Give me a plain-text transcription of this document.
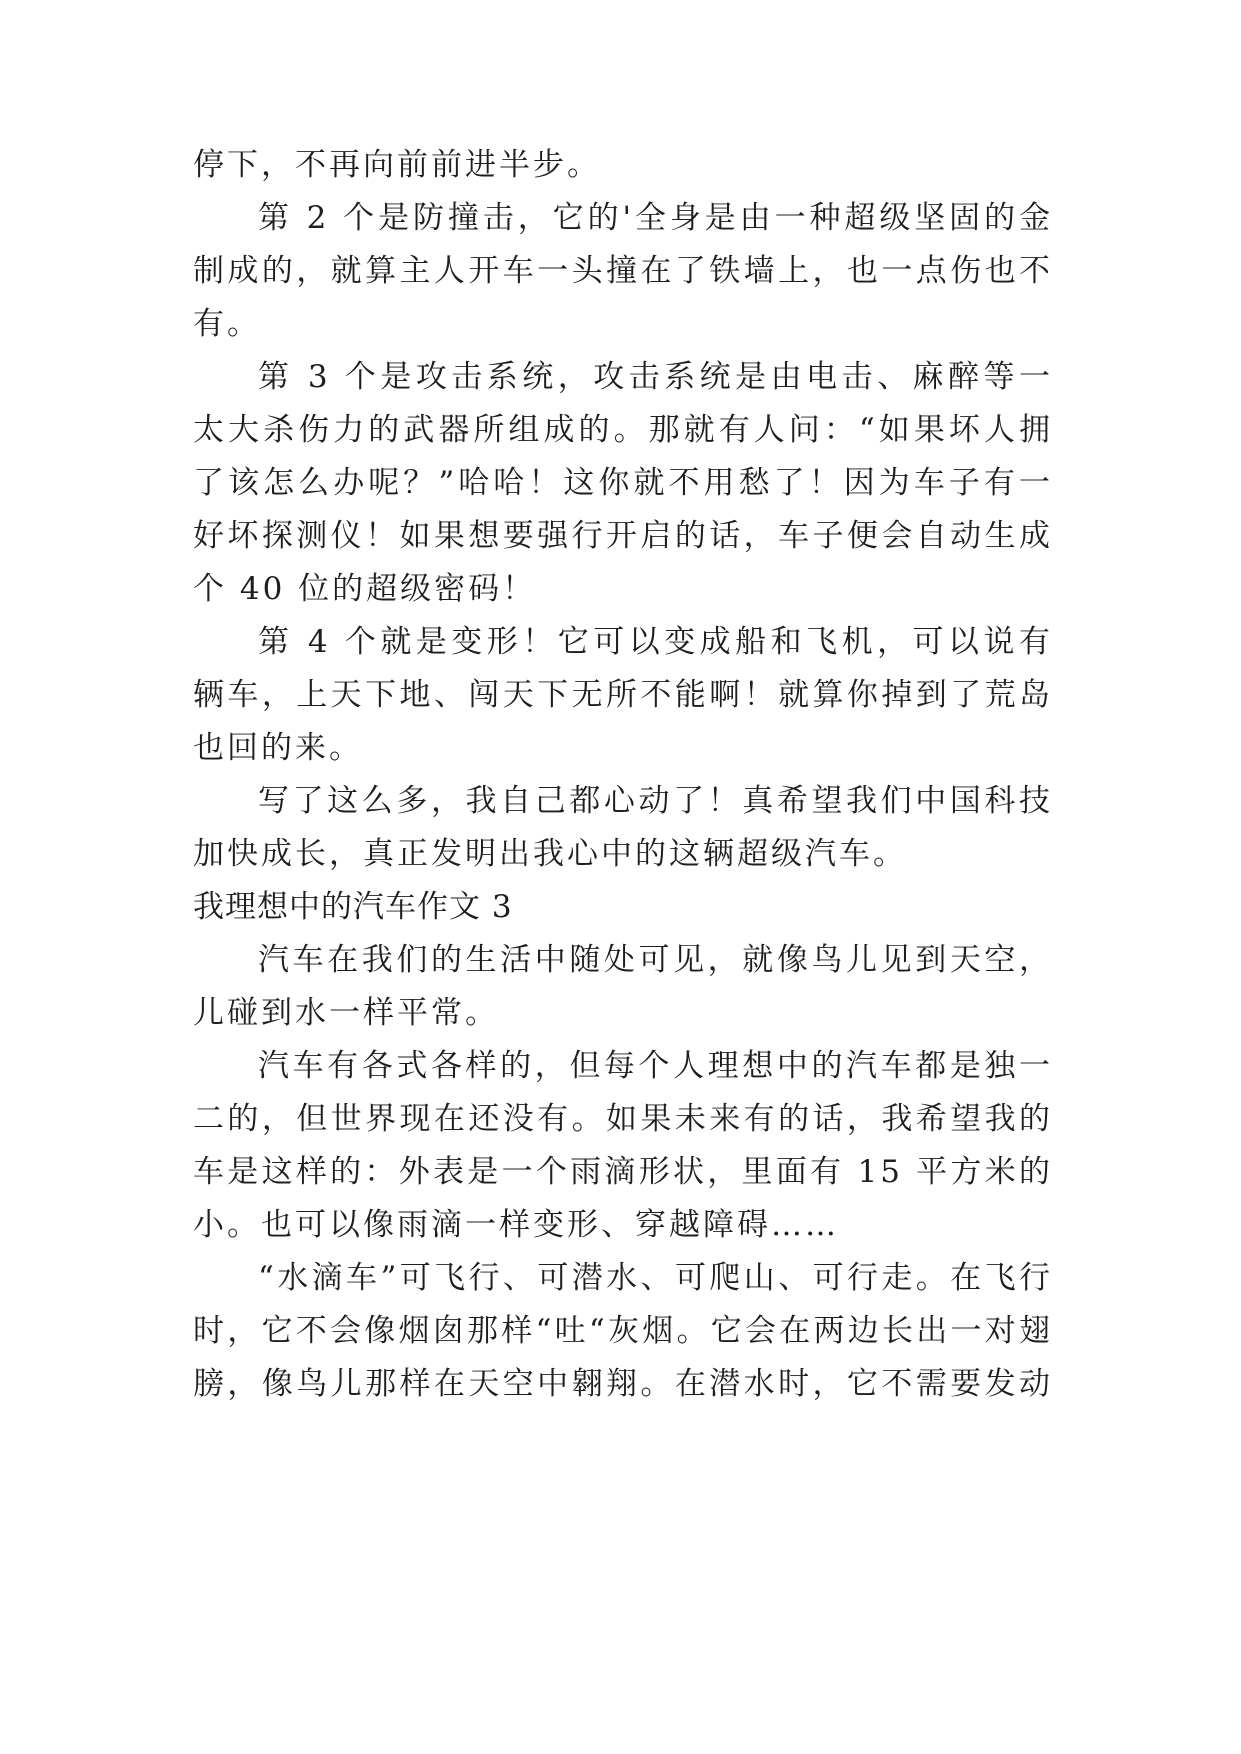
停下，不再向前前进半步。
第 2 个是防撞击，它的'全身是由一种超级坚固的金
制成的，就算主人开车一头撞在了铁墙上，也一点伤也不
有。
第 3 个是攻击系统，攻击系统是由电击、麻醉等一
太大杀伤力的武器所组成的。那就有人问：“如果坏人拥
了该怎么办呢？”哈哈！这你就不用愁了！因为车子有一
好坏探测仪！如果想要强行开启的话，车子便会自动生成
个 40 位的超级密码！
第 4 个就是变形！它可以变成船和飞机，可以说有
辆车，上天下地、闯天下无所不能啊！就算你掉到了荒岛
也回的来。
写了这么多，我自己都心动了！真希望我们中国科技
加快成长，真正发明出我心中的这辆超级汽车。
我理想中的汽车作文 3
汽车在我们的生活中随处可见，就像鸟儿见到天空，
儿碰到水一样平常。
汽车有各式各样的，但每个人理想中的汽车都是独一
二的，但世界现在还没有。如果未来有的话，我希望我的
车是这样的：外表是一个雨滴形状，里面有 15 平方米的
小。也可以像雨滴一样变形、穿越障碍……
“水滴车”可飞行、可潜水、可爬山、可行走。在飞行
时，它不会像烟囱那样“吐“灰烟。它会在两边长出一对翅
膀，像鸟儿那样在天空中翱翔。在潜水时，它不需要发动
